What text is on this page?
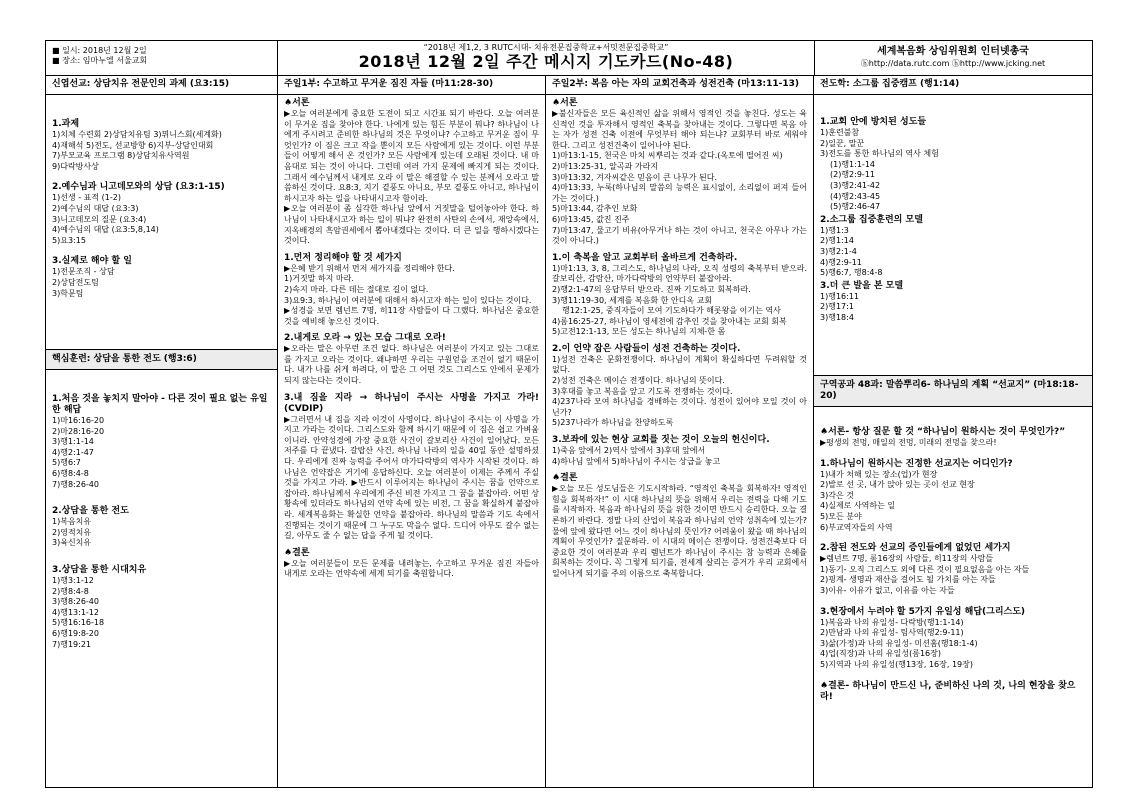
■ 일시: 2018년 12월 2일
■ 장소: 임마누엘 서울교회
“2018년 제1,2, 3 RUTC시대- 치유전문집중학교+서밋전문집중학교”
2018년 12월 2일 주간 메시지 기도카드(No-48)
세계복음화 상임위원회 인터넷총국
ⓗhttp://data.rutc.com ⓗhttp://www.jcking.net
신엽선교: 상담치유 전문인의 과제 (요3:15)
1.과제
1)치체 수련회 2)상담치유팀 3)뮈니스회(세계화)
4)재해석 5)전도, 선교방향 6)지부-상담인대회
7)부모교육 프로그램 8)상담치유사역원
9)다락방사상
2.예수님과 니고데모와의 상담 (요3:1-15)
1)선생 - 표적 (1-2)
2)예수님의 대답 (요3:3)
3)니고데모의 질문 (요3:4)
4)예수님의 대답 (요3:5,8,14)
5)요3:15
3.실제로 해야 할 일
1)전문조직 - 상담
2)상담전도팀
3)학문팀
핵심훈련: 상담을 통한 전도 (행3:6)
1.처음 것을 놓치지 말아야 - 다른 것이 필요 없는 유일한 해답
1)마16:16-20
2)마28:16-20
3)행1:1-14
4)행2:1-47
5)행6:7
6)행8:4-8
7)행8:26-40
2.상담을 통한 전도
1)복음치유
2)영적치유
3)육신치유
3.상담을 통한 시대치유
1)행3:1-12
2)행8:4-8
3)행8:26-40
4)행13:1-12
5)행16:16-18
6)행19:8-20
7)행19:21
주일1부: 수고하고 무거운 짐진 자들 (마11:28-30)
♠서론
▶오늘 여러분에게 중요한 도전이 되고 시간표 되기 바란다. 오늘 여러분이 무거운 짐을 찾아야 한다. 나에게 있는 힘든 부분이 뭐냐? 하나님이 나에게 주시려고 준비한 하나님의 것은 무엇이냐? 수고하고 무거운 짐이 무엇인가? 이 짐은 크고 작을 뿐이지 모든 사람에게 있는 것이다. 이런 부분들이 어떻게 해서 온 것인가? 모든 사람에게 있는데 오래된 것이다. 내 마음대로 되는 것이 아니다. 그런데 여러 가지 문제에 빠지게 되는 것이다. 그래서 예수님께서 내게로 오라 이 말은 해결할 수 있는 분께서 오라고 말씀하신 것이다. 요8:3, 지기 곁풍도 아니요, 부모 곁풍도 아니고, 하나님이 하시고자 하는 일을 나타내시고자 함이라.
▶오늘 여러분이 좀 심각한 하나님 앞에서 거짓말을 털어놓아야 한다. 하나님이 나타내시고자 하는 일이 뭐냐? 완전히 사탄의 손에서, 재앙속에서, 지옥배경의 흑암권세에서 뽑아내겠다는 것이다. 더 큰 일을 행하시겠다는 것이다.
1.먼저 정리해야 할 것 세가지
▶은혜 받기 위해서 먼저 세가지를 정리해야 한다.
1)거짓말 하지 마라.
2)속지 마라. 다른 데는 절대로 길이 없다.
3)요9:3, 하나님이 여러분에 대해서 하시고자 하는 일이 있다는 것이다.
▶성경을 보면 렘넌트 7명, 히11장 사람들이 다 그랬다. 하나님은 중요한 것을 예비해 놓으신 것이다.
2.내게로 오라 → 있는 모습 그대로 오라!
▶오라는 말은 아무런 조건 없다. 하나님은 여러분이 가지고 있는 그대로를 가지고 오라는 것이다. 왜냐하면 우리는 구원얻을 조건이 없기 때문이다. 내가 나를 쉬게 하려다, 이 말은 그 어떤 것도 그리스도 안에서 문제가 되지 않는다는 것이다.
3.내 짐을 지라 → 하나님이 주시는 사명을 가지고 가라!(CVDIP)
▶그러면서 내 짐을 지라 이것이 사명이다. 하나님이 주시는 이 사명을 가지고 가라는 것이다. 그리스도와 함께 하시기 때문에 이 짐은 쉽고 가벼움이니라. 안약성경에 가장 중요한 사건이 갈보리산 사건이 일어났다. 모든 저주를 다 끝냈다. 갈랍산 사건, 하나님 나라의 일을 40일 동안 설명하셨다. 우리에게 진짜 능력을 주어서 마가다락방의 역사가 시작된 것이다. 하나님은 언약잡은 거기에 응답하신다. 오늘 여러분이 이제는 주께서 주실 것을 가지고 가라. ▶반드시 이루어지는 하나님이 주시는 꿈을 언약으로 잡아라. 하나님께서 우리에게 주신 비전 가지고 그 꿈을 붙잡아라. 어떤 상황속에 있더라도 하나님의 언약 속에 있는 비전, 그 꿈을 확실하게 붙잡아라. 세계복음화는 확실한 언약을 붙잡아라. 하나님의 말씀과 기도 속에서 진행되는 것이기 때문에 그 누구도 막을수 없다. 드디어 아무도 갈수 없는 길, 아무도 줄 수 없는 답을 주게 될 것이다.
♠결론
▶오늘 여러분들이 모든 문제를 내려놓는, 수고하고 무거운 짐진 자들아 내게로 오라는 언약속에 세계 되기를 축원합니다.
주일2부: 복음 아는 자의 교회건축과 성전건축 (마13:11-13)
♠서론
▶불신자들은 모든 육신적인 삶을 위해서 영적인 것을 놓친다. 성도는 육신적인 것을 투자해서 영적인 축복을 찾아내는 것이다. 그렇다면 복음 아는 자가 성전 건축 이전에 무엇부터 해야 되는냐? 교회부터 바로 세워야 한다. 그리고 성전건축이 일어나야 된다.
1)마13:1-15, 천국은 마치 씨뿌리는 것과 같다.(옥토에 떨어진 씨)
2)마13:25-31, 알곡과 가라지
3)마13:32, 겨자씨같은 믿음이 큰 나무가 된다.
4)마13:33, 누룩(하나님의 말씀의 능력은 표시없이, 소리없이 퍼져 들어가는 것이다.)
5)마13:44, 감추인 보화
6)마13:45, 값진 진주
7)마13:47, 물고기 비유(아무거나 하는 것이 아니고, 천국은 아무나 가는 것이 아니다.)
1.이 축복을 알고 교회부터 올바르게 건축하라.
1)마1:13, 3, 8, 그리스도, 하나님의 나라, 오직 성령의 축복부터 받으라. 갈보리산, 감람산, 마가다락방의 언약부터 붙잡아라.
2)행2:1-47의 응답부터 받으라. 진짜 기도하고 회복하라.
3)행11:19-30, 세계를 복음화 한 안디옥 교회
행12:1-25, 중직자들이 모여 기도하다가 해롯왕을 이기는 역사
4)롬16:25-27, 하나님이 영세전에 감추인 것을 찾아내는 교회 회복
5)고전12:1-13, 모든 성도는 하나님의 지체-한 몸
2.이 언약 잡은 사람들이 성전 건축하는 것이다.
1)성전 건축은 문화전쟁이다. 하나님이 계획이 확실하다면 두려워할 것 없다.
2)성전 건축은 메이슨 전쟁이다. 하나님의 뜻이다.
3)후대를 놓고 복음을 앞고 기도록 전쟁하는 것이다.
4)237나라 모여 하나님을 경배하는 것이다. 성전이 있어야 모일 것이 아닌가?
5)237나라가 하나님을 찬양하도록
3.보좌에 있는 현상 교회를 짓는 것이 오늘의 헌신이다.
1)죽음 앞에서 2)역사 앞에서 3)후대 앞에서
4)하나님 앞에서 5)하나님이 주시는 상급을 놓고
♠결론
▶오늘 모든 성도님들은 기도시작하라. “영적인 축복을 회복하자! 영적인 힘을 회복하자!” 이 시대 하나님의 뜻을 위해서 우리는 전력을 다해 기도를 시작하자. 복음과 하나님의 뜻을 위한 것이면 반드시 승리한다. 오늘 결론하기 바란다. 정말 나의 산업이 복음과 하나님의 언약 성취속에 있는가? 물에 앞에 왔다면 어느 것이 하나님의 뜻인가? 어려움이 왔을 때 하나님의 계획이 무엇인가? 질문하라. 이 시대의 메이슨 전쟁이다. 성전건축보다 더 중요한 것이 여러분과 우리 렘넌트가 하나님이 주시는 참 능력과 은혜를 회복하는 것이다. 꼭 그렇게 되기를, 전세계 살리는 증거가 우리 교회에서 일어나게 되기를 주의 이름으로 축복합니다.
전도학: 소그룹 집중캠프 (행1:14)
1.교회 안에 방치된 성도들
1)훈련불참
2)일꾼, 말꾼
3)전도를 통한 하나님의 역사 체험
(1)행1:1-14
(2)행2:9-11
(3)행2:41-42
(4)행2:43-45
(5)행2:46-47
2.소그룹 집중훈련의 모델
1)행1:3
2)행1:14
3)행2:1-4
4)행2:9-11
5)행6:7, 행8:4-8
3.더 큰 발을 본 모델
1)행16:11
2)행17:1
3)행18:4
구역공과 48과: 말씀뿌리6- 하나님의 계획 “선교지” (마18:18-20)
♠서론- 항상 질문 할 것 “하나님이 원하시는 것이 무엇인가?”
▶평생의 전멍, 매일의 전멍, 미래의 전멍을 찾으라!
1.하나님이 원하시는 진정한 선교지는 어디인가?
1)내가 처해 있는 장소(업)가 현장
2)발로 선 곳, 내가 앉아 있는 곳이 선교 현장
3)각은 것
4)실제로 사역하는 일
5)모든 분야
6)부교역자들의 사역
2.참된 전도와 선교의 증인들에게 없었던 세가지
▶렘넌트 7명, 롬16장의 사람들, 히11장의 사람들
1)동기- 오직 그리스도 외에 다른 것이 필요없음을 아는 자들
2)핑계- 생명과 재산을 걸어도 될 가치를 아는 자들
3)이유- 이유가 없고, 이유를 아는 자들
3.현장에서 누려야 할 5가지 유일성 해답(그리스도)
1)복음과 나의 유일성- 다락방(행1:1-14)
2)만남과 나의 유일성- 팀사역(행2:9-11)
3)삶(가정)과 나의 유일성- 미션홈(행18:1-4)
4)업(직장)과 나의 유일성(롬16장)
5)지역과 나의 유일성(행13장, 16장, 19장)
♠결론- 하나님이 만드신 나, 준비하신 나의 것, 나의 현장을 찾으라!
